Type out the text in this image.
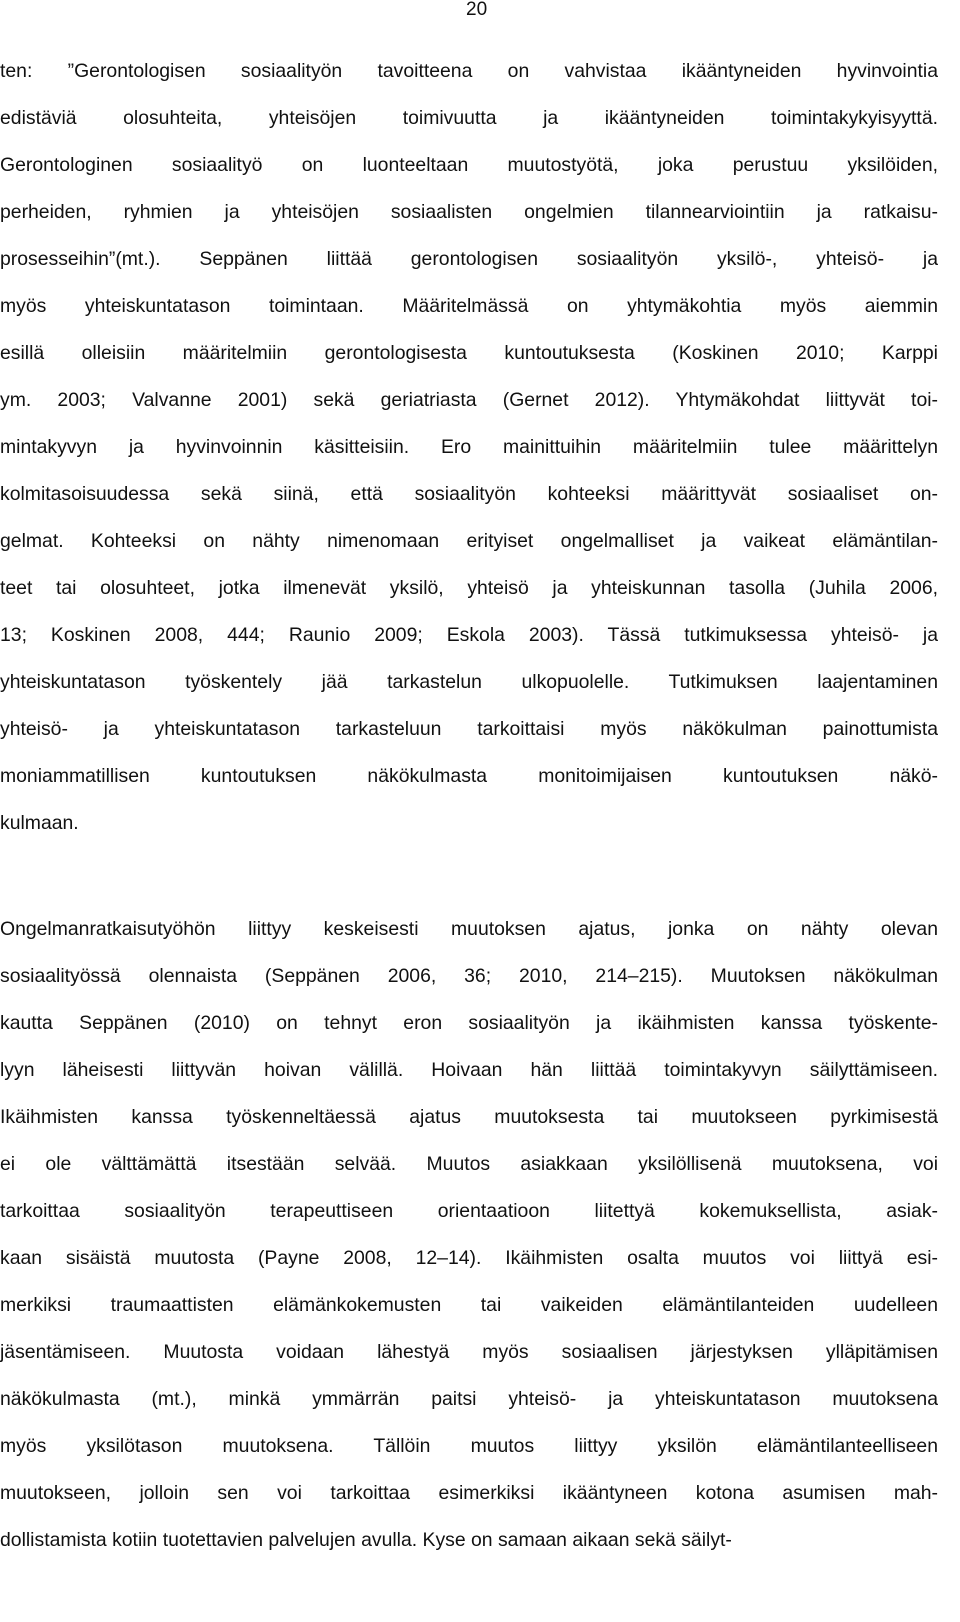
20
ten: ”Gerontologisen sosiaalityön tavoitteena on vahvistaa ikääntyneiden hyvinvointia
edistäviä olosuhteita, yhteisöjen toimivuutta ja ikääntyneiden toimintakykyisyyttä.
Gerontologinen sosiaalityö on luonteeltaan muutostyötä, joka perustuu yksilöiden,
perheiden, ryhmien ja yhteisöjen sosiaalisten ongelmien tilannearviointiin ja ratkaisu-
prosesseihin”(mt.). Seppänen liittää gerontologisen sosiaalityön yksilö-, yhteisö- ja
myös yhteiskuntatason toimintaan. Määritelmässä on yhtymäkohtia myös aiemmin
esillä olleisiin määritelmiin gerontologisesta kuntoutuksesta (Koskinen 2010; Karppi
ym. 2003; Valvanne 2001) sekä geriatriasta (Gernet 2012). Yhtymäkohdat liittyvät toi-
mintakyvyn ja hyvinvoinnin käsitteisiin. Ero mainittuihin määritelmiin tulee määrittelyn
kolmitasoisuudessa sekä siinä, että sosiaalityön kohteeksi määrittyvät sosiaaliset on-
gelmat. Kohteeksi on nähty nimenomaan erityiset ongelmalliset ja vaikeat elämäntilan-
teet tai olosuhteet, jotka ilmenevät yksilö, yhteisö ja yhteiskunnan tasolla (Juhila 2006,
13; Koskinen 2008, 444; Raunio 2009; Eskola 2003). Tässä tutkimuksessa yhteisö- ja
yhteiskuntatason työskentely jää tarkastelun ulkopuolelle. Tutkimuksen laajentaminen
yhteisö- ja yhteiskuntatason tarkasteluun tarkoittaisi myös näkökulman painottumista
moniammatillisen kuntoutuksen näkökulmasta monitoimijaisen kuntoutuksen näkö-
kulmaan.
Ongelmanratkaisutyöhön liittyy keskeisesti muutoksen ajatus, jonka on nähty olevan
sosiaalityössä olennaista (Seppänen 2006, 36; 2010, 214–215). Muutoksen näkökulman
kautta Seppänen (2010) on tehnyt eron sosiaalityön ja ikäihmisten kanssa työskente-
lyyn läheisesti liittyvän hoivan välillä. Hoivaan hän liittää toimintakyvyn säilyttämiseen.
Ikäihmisten kanssa työskenneltäessä ajatus muutoksesta tai muutokseen pyrkimisestä
ei ole välttämättä itsestään selvää. Muutos asiakkaan yksilöllisenä muutoksena, voi
tarkoittaa sosiaalityön terapeuttiseen orientaatioon liitettyä kokemuksellista, asiak-
kaan sisäistä muutosta (Payne 2008, 12–14). Ikäihmisten osalta muutos voi liittyä esi-
merkiksi traumaattisten elämänkokemusten tai vaikeiden elämäntilanteiden uudelleen
jäsentämiseen. Muutosta voidaan lähestyä myös sosiaalisen järjestyksen ylläpitämisen
näkökulmasta (mt.), minkä ymmärrän paitsi yhteisö- ja yhteiskuntatason muutoksena
myös yksilötason muutoksena. Tällöin muutos liittyy yksilön elämäntilanteelliseen
muutokseen, jolloin sen voi tarkoittaa esimerkiksi ikääntyneen kotona asumisen mah-
dollistamista kotiin tuotettavien palvelujen avulla. Kyse on samaan aikaan sekä säilyt-
